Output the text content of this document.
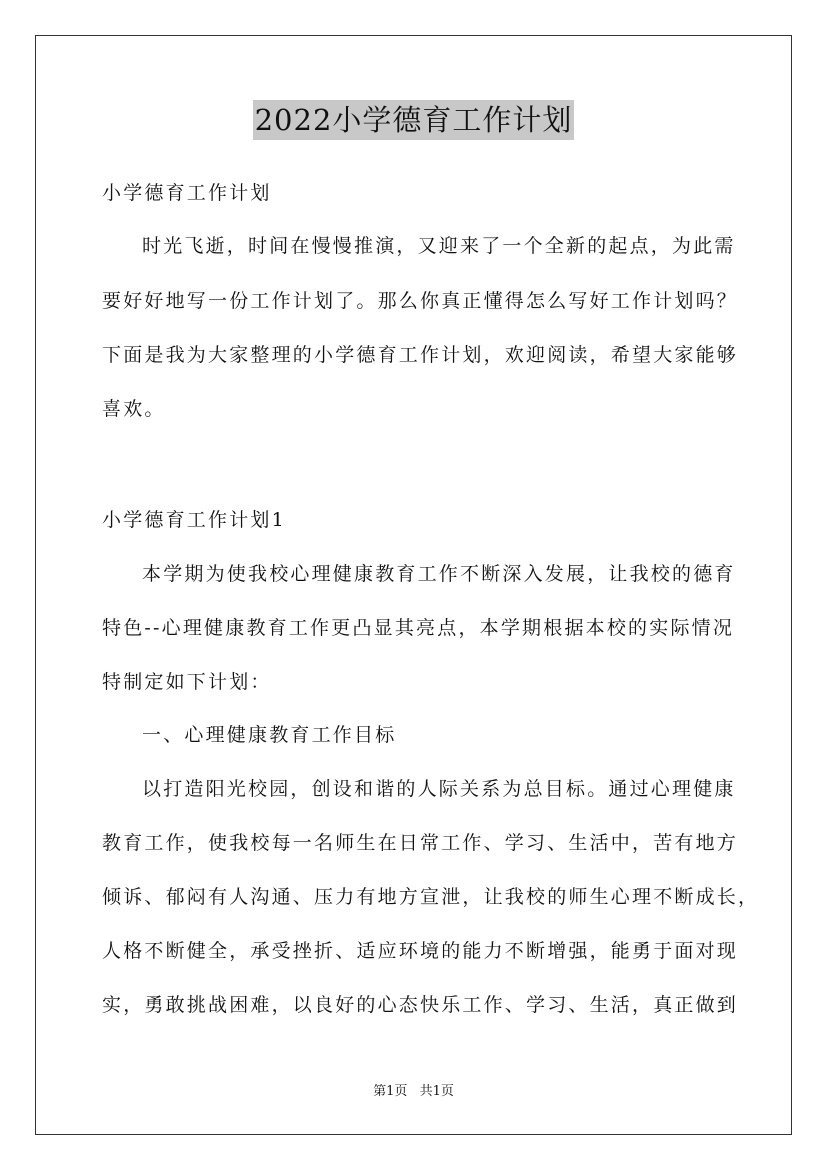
2022小学德育工作计划
小学德育工作计划
时光飞逝，时间在慢慢推演，又迎来了一个全新的起点，为此需
要好好地写一份工作计划了。那么你真正懂得怎么写好工作计划吗？
下面是我为大家整理的小学德育工作计划，欢迎阅读，希望大家能够
喜欢。
小学德育工作计划1
本学期为使我校心理健康教育工作不断深入发展，让我校的德育
特色--心理健康教育工作更凸显其亮点，本学期根据本校的实际情况
特制定如下计划：
一、心理健康教育工作目标
以打造阳光校园，创设和谐的人际关系为总目标。通过心理健康
教育工作，使我校每一名师生在日常工作、学习、生活中，苦有地方
倾诉、郁闷有人沟通、压力有地方宣泄，让我校的师生心理不断成长，
人格不断健全，承受挫折、适应环境的能力不断增强，能勇于面对现
实，勇敢挑战困难，以良好的心态快乐工作、学习、生活，真正做到
第1页 共1页
